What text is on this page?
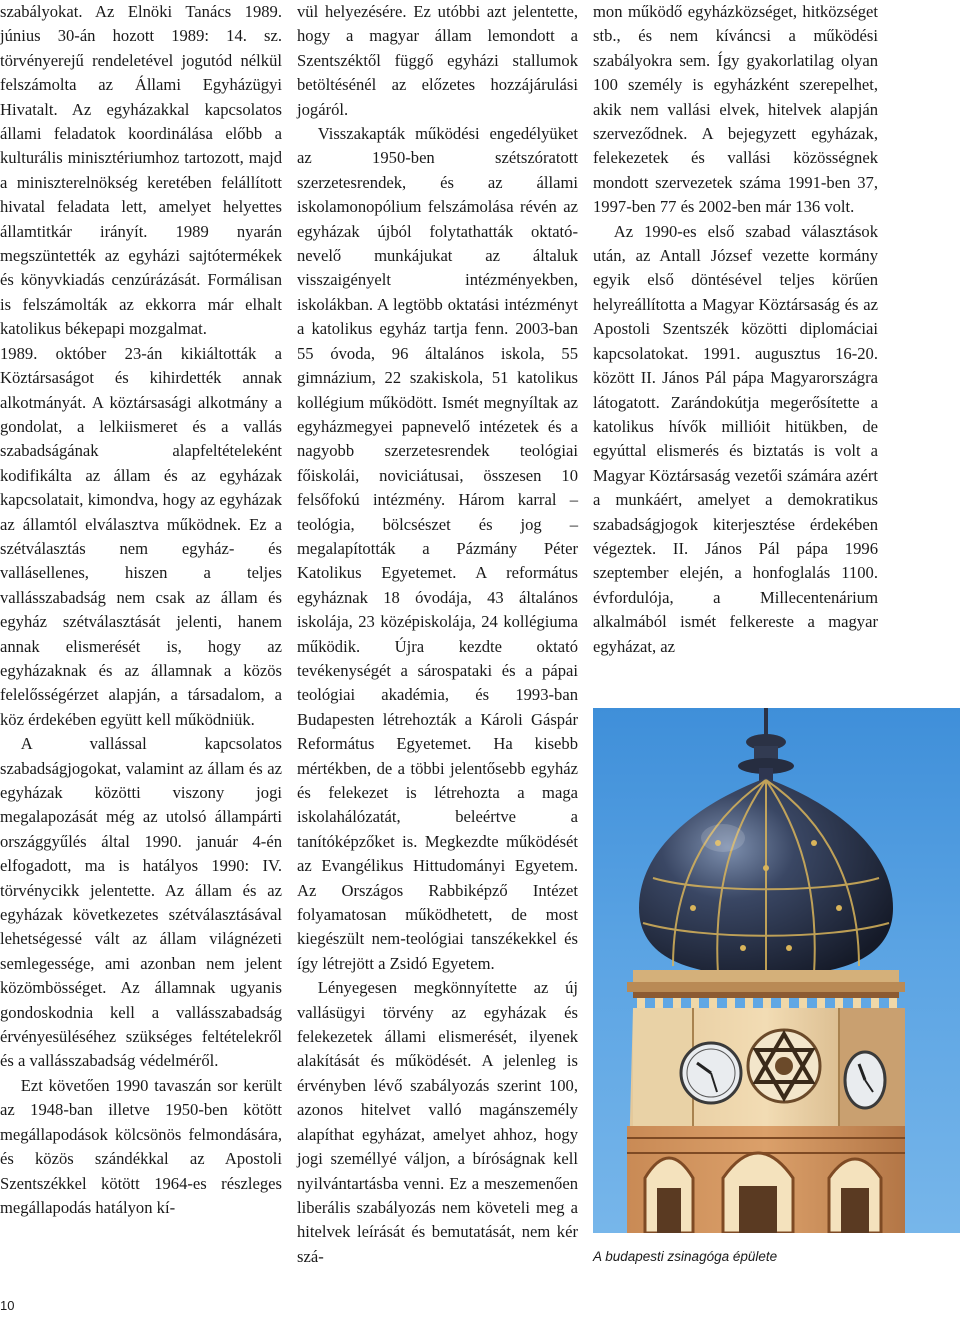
szabályokat. Az Elnöki Tanács 1989. június 30-án hozott 1989: 14. sz. törvényerejű rendeletével jogutód nélkül felszámolta az Állami Egyházügyi Hivatalt. Az egyházakkal kapcsolatos állami feladatok koordinálása előbb a kulturális minisztériumhoz tartozott, majd a miniszterelnökség keretében felállított hivatal feladata lett, amelyet helyettes államtitkár irányít. 1989 nyarán megszüntették az egyházi sajtótermékek és könyvkiadás cenzúrázását. Formálisan is felszámolták az ekkorra már elhalt katolikus békepapi mozgalmat.

1989. október 23-án kikiáltották a Köztársaságot és kihirdették annak alkotmányát. A köztársasági alkotmány a gondolat, a lelkiismeret és a vallás szabadságának alapfeltételeként kodifikálta az állam és az egyházak kapcsolatait, kimondva, hogy az egyházak az államtól elválasztva működnek. Ez a szétválasztás nem egyház- és vallásellenes, hiszen a teljes vallásszabadság nem csak az állam és egyház szétválasztását jelenti, hanem annak elismerését is, hogy az egyházaknak és az államnak a közös felelősségérzet alapján, a társadalom, a köz érdekében együtt kell működniük.

A vallással kapcsolatos szabadságjogokat, valamint az állam és az egyházak közötti viszony jogi megalapozását még az utolsó állampárti országgyűlés által 1990. január 4-én elfogadott, ma is hatályos 1990: IV. törvénycikk jelentette. Az állam és az egyházak következetes szétválasztásával lehetségessé vált az állam világnézeti semlegessége, ami azonban nem jelent közömbösséget. Az államnak ugyanis gondoskodnia kell a vallásszabadság érvényesüléséhez szükséges feltételekről és a vallásszabadság védelméről.

Ezt követően 1990 tavaszán sor került az 1948-ban illetve 1950-ben kötött megállapodások kölcsönös felmondására, és közös szándékkal az Apostoli Szentszékkel kötött 1964-es részleges megállapodás hatályon kí-

vül helyezésére. Ez utóbbi azt jelentette, hogy a magyar állam lemondott a Szentszéktől függő egyházi stallumok betöltésénél az előzetes hozzájárulási jogáról.

Visszakapták működési engedélyüket az 1950-ben szétszóratott szerzetesrendek, és az állami iskolamonopólium felszámolása révén az egyházak újból folytathatták oktató-nevelő munkájukat az általuk visszaigényelt intézményekben, iskolákban. A legtöbb oktatási intézményt a katolikus egyház tartja fenn. 2003-ban 55 óvoda, 96 általános iskola, 55 gimnázium, 22 szakiskola, 51 katolikus kollégium működött. Ismét megnyíltak az egyházmegyei papnevelő intézetek és a nagyobb szerzetesrendek teológiai főiskolái, noviciátusai, összesen 10 felsőfokú intézmény. Három karral – teológia, bölcsészet és jog – megalapították a Pázmány Péter Katolikus Egyetemet. A református egyháznak 18 óvodája, 43 általános iskolája, 23 középiskolája, 24 kollégiuma működik. Újra kezdte oktató tevékenységét a sárospataki és a pápai teológiai akadémia, és 1993-ban Budapesten létrehozták a Károli Gáspár Református Egyetemet. Ha kisebb mértékben, de a többi jelentősebb egyház és felekezet is létrehozta a maga iskolahálózatát, beleértve a tanítóképzőket is. Megkezdte működését az Evangélikus Hittudományi Egyetem. Az Országos Rabbiképző Intézet folyamatosan működhetett, de most kiegészült nem-teológiai tanszékekkel és így létrejött a Zsidó Egyetem.

Lényegesen megkönnyítette az új vallásügyi törvény az egyházak és felekezetek állami elismerését, ilyenek alakítását és működését. A jelenleg is érvényben lévő szabályozás szerint 100, azonos hitelvet valló magánszemély alapíthat egyházat, amelyet ahhoz, hogy jogi személlyé váljon, a bíróságnak kell nyilvántartásba venni. Ez a meszemenően liberális szabályozás nem követeli meg a hitelvek leírását és bemutatását, nem kér szá-

mon működő egyházközséget, hitközséget stb., és nem kíváncsi a működési szabályokra sem. Így gyakorlatilag olyan 100 személy is egyházként szerepelhet, akik nem vallási elvek, hitelvek alapján szerveződnek. A bejegyzett egyházak, felekezetek és vallási közösségnek mondott szervezetek száma 1991-ben 37, 1997-ben 77 és 2002-ben már 136 volt.

Az 1990-es első szabad választások után, az Antall József vezette kormány egyik első döntésével teljes körűen helyreállította a Magyar Köztársaság és az Apostoli Szentszék közötti diplomáciai kapcsolatokat. 1991. augusztus 16-20. között II. János Pál pápa Magyarországra látogatott. Zarándokútja megerősítette a katolikus hívők millióit hitükben, de egyúttal elismerés és biztatás is volt a Magyar Köztársaság vezetői számára azért a munkáért, amelyet a demokratikus szabadságjogok kiterjesztése érdekében végeztek. II. János Pál pápa 1996 szeptember elején, a honfoglalás 1100. évfordulója, a Millecentenárium alkalmából ismét felkereste a magyar egyházat, az

A budapesti zsinagóga épülete
10
